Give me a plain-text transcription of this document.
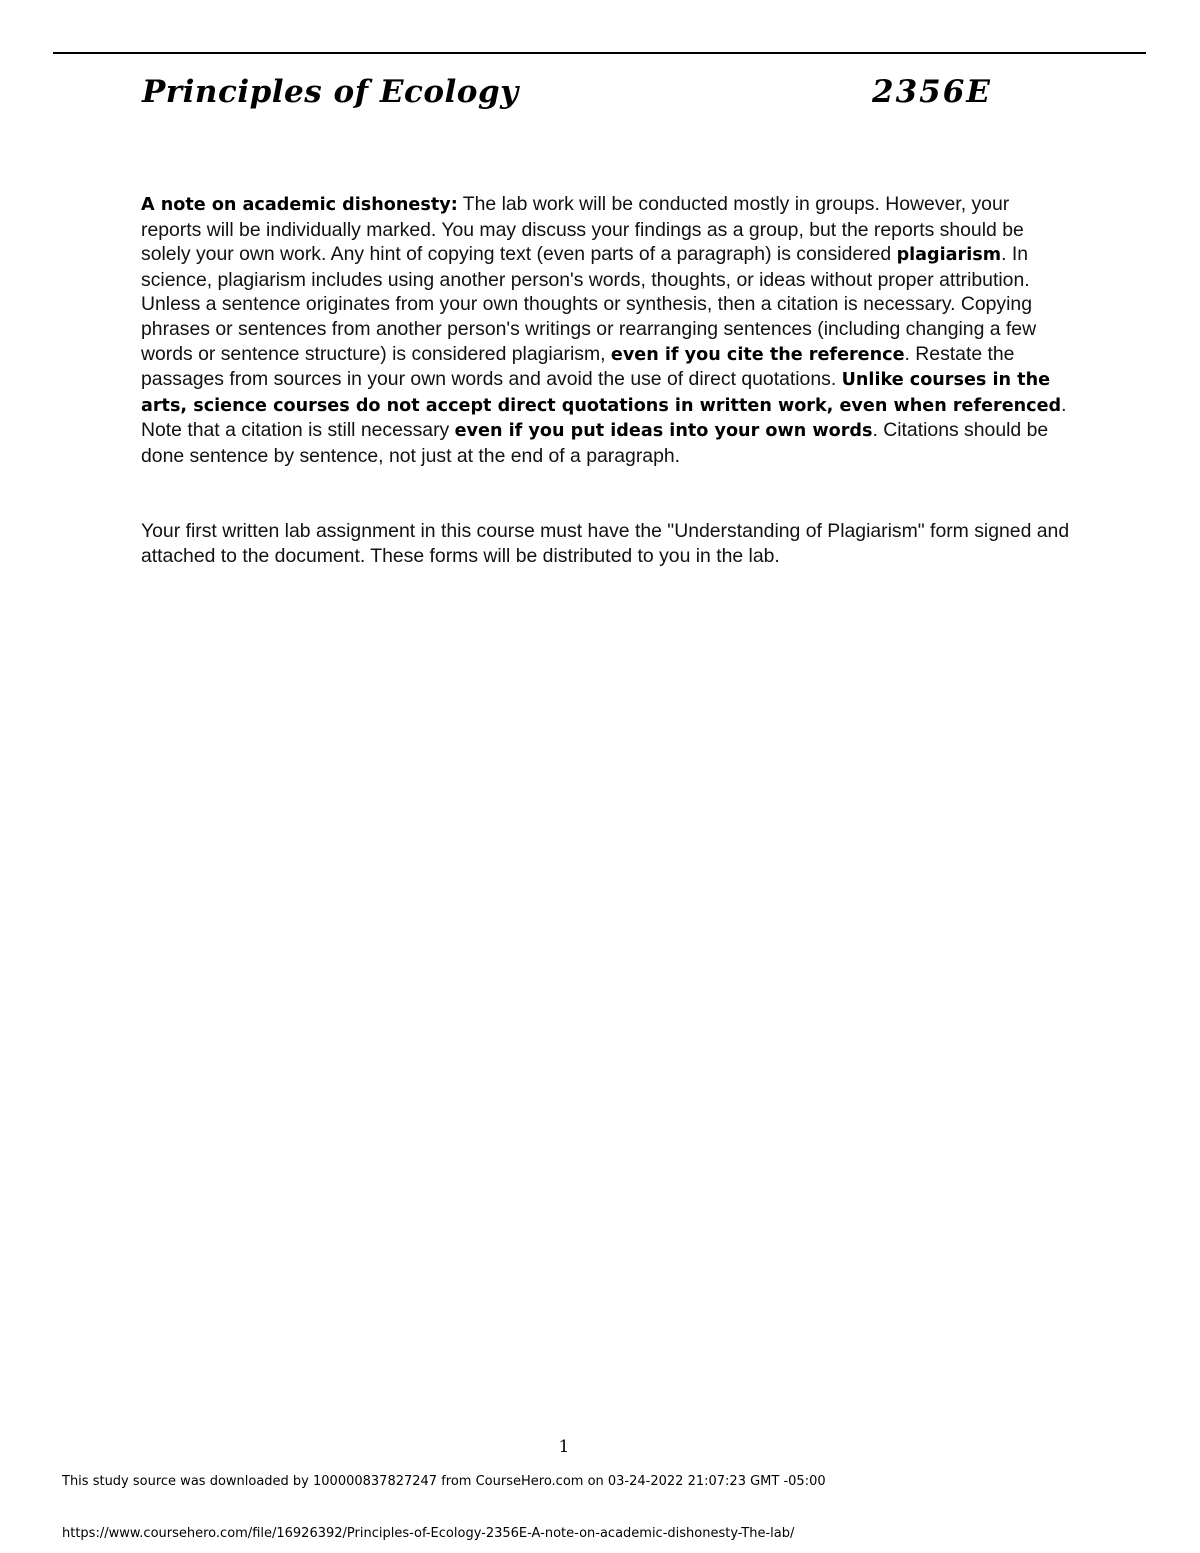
Principles of Ecology	2356E
A note on academic dishonesty: The lab work will be conducted mostly in groups. However, your reports will be individually marked. You may discuss your findings as a group, but the reports should be solely your own work. Any hint of copying text (even parts of a paragraph) is considered plagiarism. In science, plagiarism includes using another person's words, thoughts, or ideas without proper attribution. Unless a sentence originates from your own thoughts or synthesis, then a citation is necessary. Copying phrases or sentences from another person's writings or rearranging sentences (including changing a few words or sentence structure) is considered plagiarism, even if you cite the reference. Restate the passages from sources in your own words and avoid the use of direct quotations. Unlike courses in the arts, science courses do not accept direct quotations in written work, even when referenced. Note that a citation is still necessary even if you put ideas into your own words. Citations should be done sentence by sentence, not just at the end of a paragraph.
Your first written lab assignment in this course must have the "Understanding of Plagiarism" form signed and attached to the document. These forms will be distributed to you in the lab.
1
This study source was downloaded by 100000837827247 from CourseHero.com on 03-24-2022 21:07:23 GMT -05:00
https://www.coursehero.com/file/16926392/Principles-of-Ecology-2356E-A-note-on-academic-dishonesty-The-lab/
